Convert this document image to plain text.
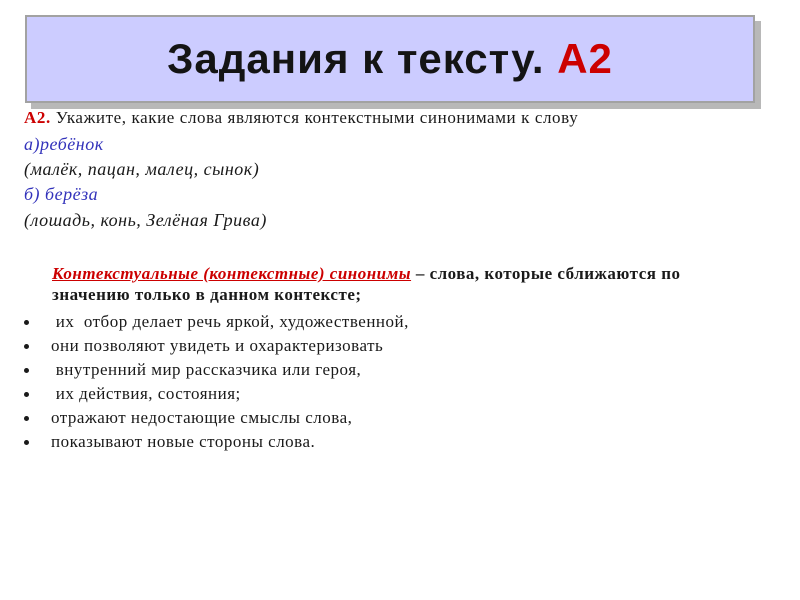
Задания к тексту. А2
А2. Укажите, какие слова являются контекстными синонимами к слову
а)ребёнок
(малёк, пацан, малец, сынок)
б) берёза
(лошадь, конь, Зелёная Грива)
Контекстуальные (контекстные) синонимы – слова, которые сближаются по значению только в данном контексте;
их  отбор делает речь яркой, художественной,
они позволяют увидеть и охарактеризовать
внутренний мир рассказчика или героя,
их действия, состояния;
отражают недостающие смыслы слова,
показывают новые стороны слова.
